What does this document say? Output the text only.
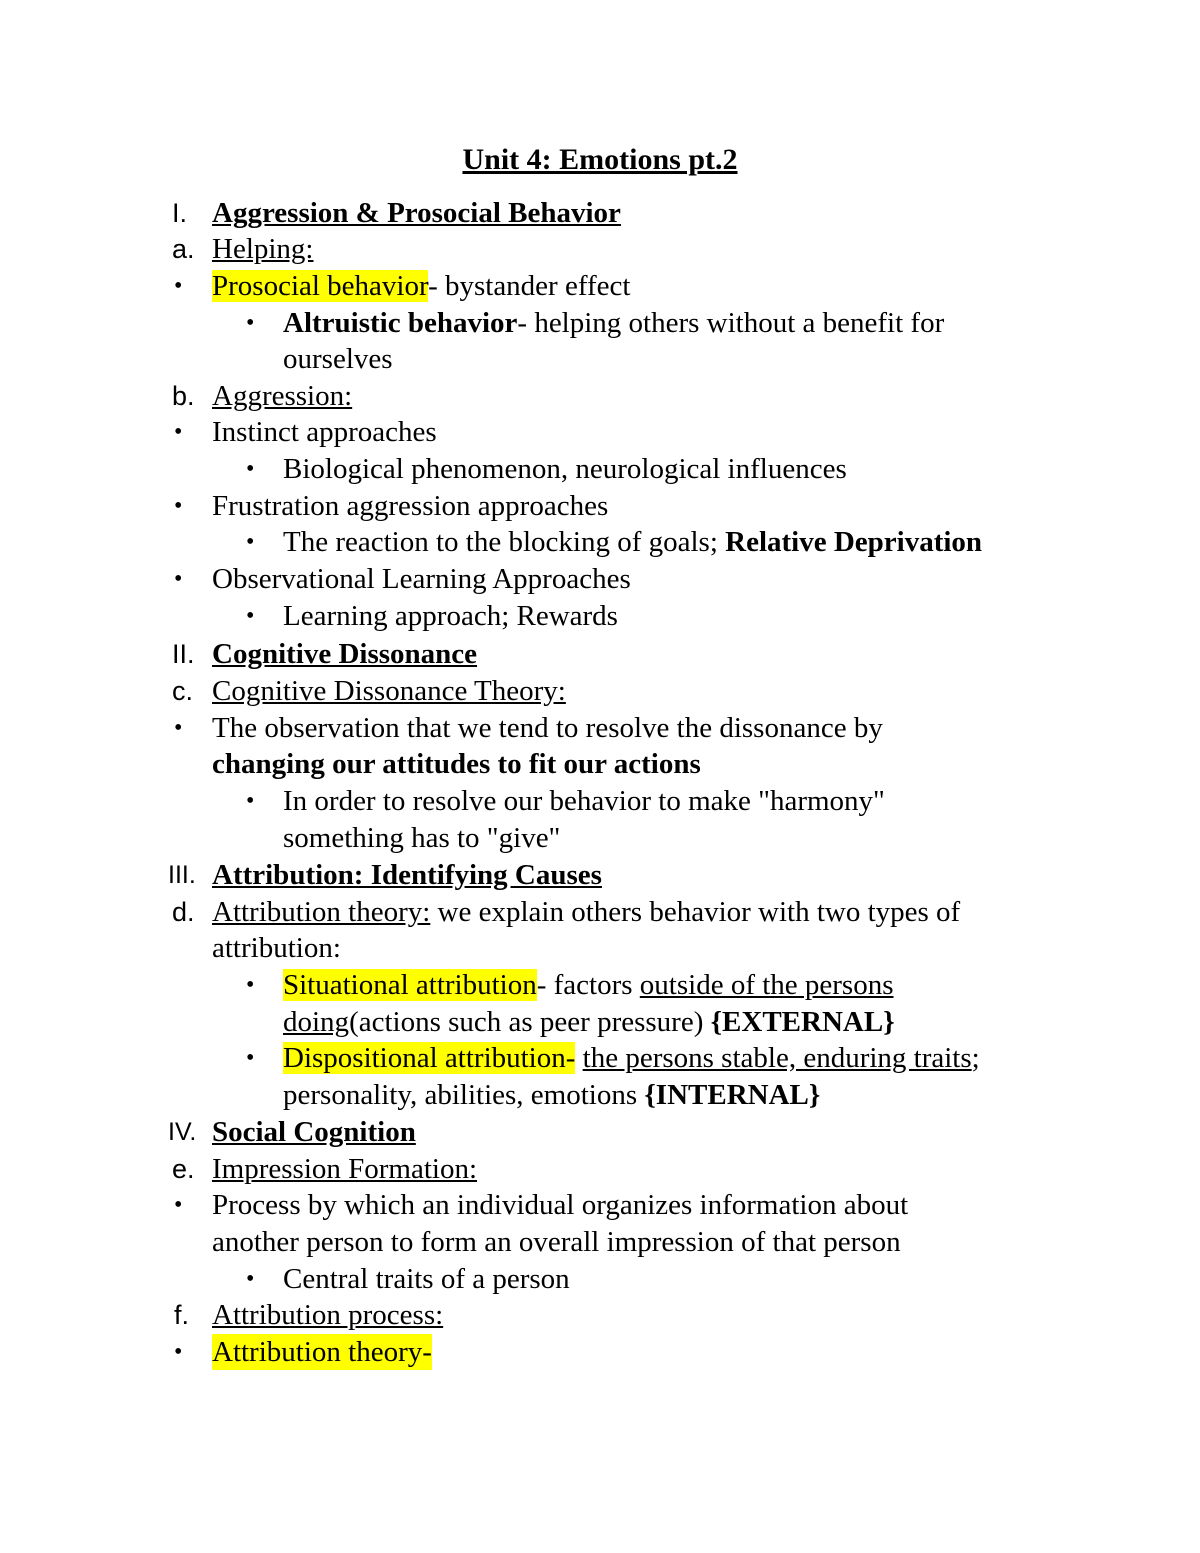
Unit 4: Emotions pt.2
I. Aggression & Prosocial Behavior
a. Helping:
• Prosocial behavior- bystander effect
• Altruistic behavior- helping others without a benefit for
ourselves
b. Aggression:
• Instinct approaches
• Biological phenomenon, neurological influences
• Frustration aggression approaches
• The reaction to the blocking of goals; Relative Deprivation
• Observational Learning Approaches
• Learning approach; Rewards
II. Cognitive Dissonance
c. Cognitive Dissonance Theory:
• The observation that we tend to resolve the dissonance by
changing our attitudes to fit our actions
• In order to resolve our behavior to make "harmony"
something has to "give"
III. Attribution: Identifying Causes
d. Attribution theory: we explain others behavior with two types of
attribution:
• Situational attribution- factors outside of the persons
doing(actions such as peer pressure) {EXTERNAL}
• Dispositional attribution- the persons stable, enduring traits;
personality, abilities, emotions {INTERNAL}
IV. Social Cognition
e. Impression Formation:
• Process by which an individual organizes information about
another person to form an overall impression of that person
• Central traits of a person
f. Attribution process:
• Attribution theory-
